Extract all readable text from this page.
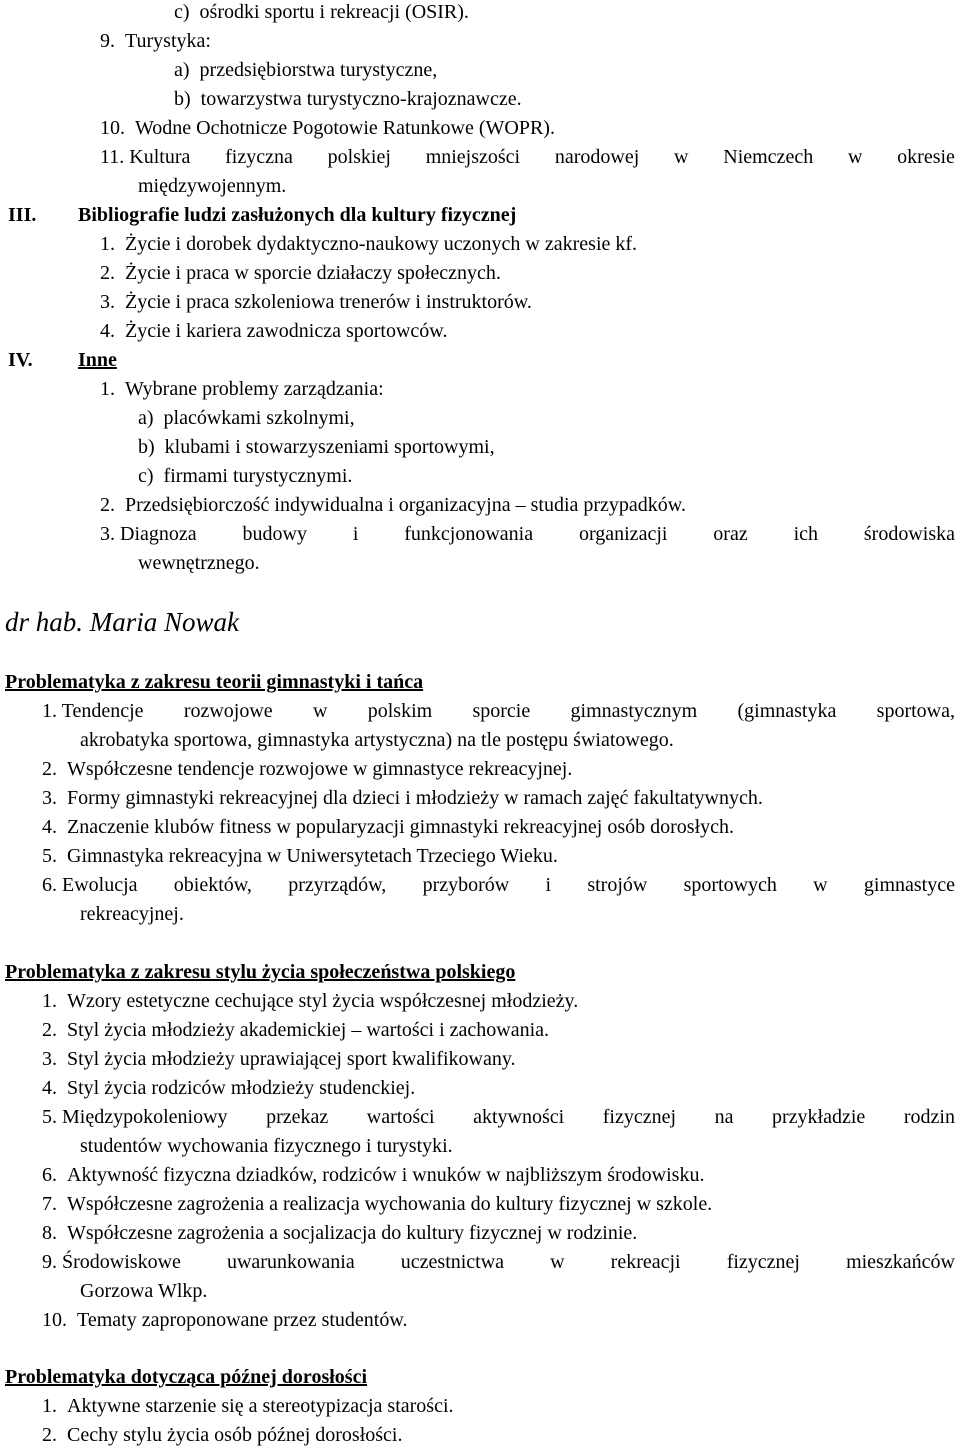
c) ośrodki sportu i rekreacji (OSIR).
9. Turystyka:
a) przedsiębiorstwa turystyczne,
b) towarzystwa turystyczno-krajoznawcze.
10. Wodne Ochotnicze Pogotowie Ratunkowe (WOPR).
11. Kultura fizyczna polskiej mniejszości narodowej w Niemczech w okresie
międzywojennym.
III. Bibliografie ludzi zasłużonych dla kultury fizycznej
1. Życie i dorobek dydaktyczno-naukowy uczonych w zakresie kf.
2. Życie i praca w sporcie działaczy społecznych.
3. Życie i praca szkoleniowa trenerów i instruktorów.
4. Życie i kariera zawodnicza sportowców.
IV. Inne
1. Wybrane problemy zarządzania:
a) placówkami szkolnymi,
b) klubami i stowarzyszeniami sportowymi,
c) firmami turystycznymi.
2. Przedsiębiorczość indywidualna i organizacyjna – studia przypadków.
3. Diagnoza budowy i funkcjonowania organizacji oraz ich środowiska
wewnętrznego.
dr hab. Maria Nowak
Problematyka z zakresu teorii gimnastyki i tańca
1. Tendencje rozwojowe w polskim sporcie gimnastycznym (gimnastyka sportowa,
akrobatyka sportowa, gimnastyka artystyczna) na tle postępu światowego.
2. Współczesne tendencje rozwojowe w gimnastyce rekreacyjnej.
3. Formy gimnastyki rekreacyjnej dla dzieci i młodzieży w ramach zajęć fakultatywnych.
4. Znaczenie klubów fitness w popularyzacji gimnastyki rekreacyjnej osób dorosłych.
5. Gimnastyka rekreacyjna w Uniwersytetach Trzeciego Wieku.
6. Ewolucja obiektów, przyrządów, przyborów i strojów sportowych w gimnastyce
rekreacyjnej.
Problematyka z zakresu stylu życia społeczeństwa polskiego
1. Wzory estetyczne cechujące styl życia współczesnej młodzieży.
2. Styl życia młodzieży akademickiej – wartości i zachowania.
3. Styl życia młodzieży uprawiającej sport kwalifikowany.
4. Styl życia rodziców młodzieży studenckiej.
5. Międzypokoleniowy przekaz wartości aktywności fizycznej na przykładzie rodzin
studentów wychowania fizycznego i turystyki.
6. Aktywność fizyczna dziadków, rodziców i wnuków w najbliższym środowisku.
7. Współczesne zagrożenia a realizacja wychowania do kultury fizycznej w szkole.
8. Współczesne zagrożenia a socjalizacja do kultury fizycznej w rodzinie.
9. Środowiskowe uwarunkowania uczestnictwa w rekreacji fizycznej mieszkańców
Gorzowa Wlkp.
10. Tematy zaproponowane przez studentów.
Problematyka dotycząca późnej dorosłości
1. Aktywne starzenie się a stereotypizacja starości.
2. Cechy stylu życia osób późnej dorosłości.
